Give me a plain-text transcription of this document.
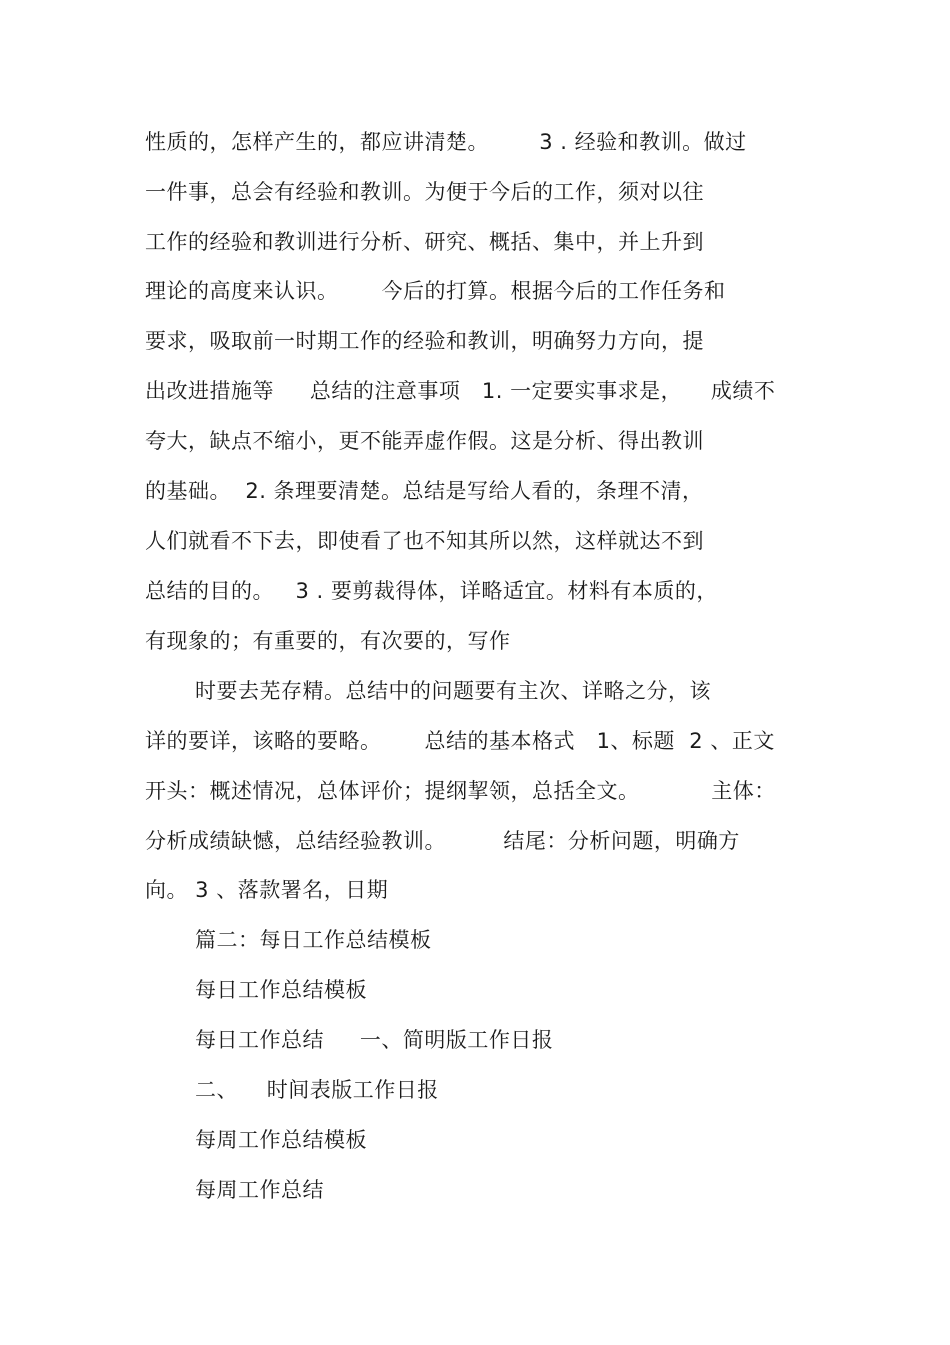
性质的，怎样产生的，都应讲清楚。       3 . 经验和教训。做过
一件事，总会有经验和教训。为便于今后的工作，须对以往
工作的经验和教训进行分析、研究、概括、集中，并上升到
理论的高度来认识。      今后的打算。根据今后的工作任务和
要求，吸取前一时期工作的经验和教训，明确努力方向，提
出改进措施等     总结的注意事项   1. 一定要实事求是，    成绩不
夸大，缺点不缩小，更不能弄虚作假。这是分析、得出教训
的基础。  2. 条理要清楚。总结是写给人看的，条理不清，
人们就看不下去，即使看了也不知其所以然，这样就达不到
总结的目的。   3 . 要剪裁得体，详略适宜。材料有本质的，
有现象的；有重要的，有次要的，写作
时要去芜存精。总结中的问题要有主次、详略之分，该
详的要详，该略的要略。      总结的基本格式   1、标题  2 、正文
开头：概述情况，总体评价；提纲挈领，总括全文。          主体：
分析成绩缺憾，总结经验教训。        结尾：分析问题，明确方
向。 3 、落款署名，日期
篇二：每日工作总结模板
每日工作总结模板
每日工作总结     一、简明版工作日报
二、    时间表版工作日报
每周工作总结模板
每周工作总结
